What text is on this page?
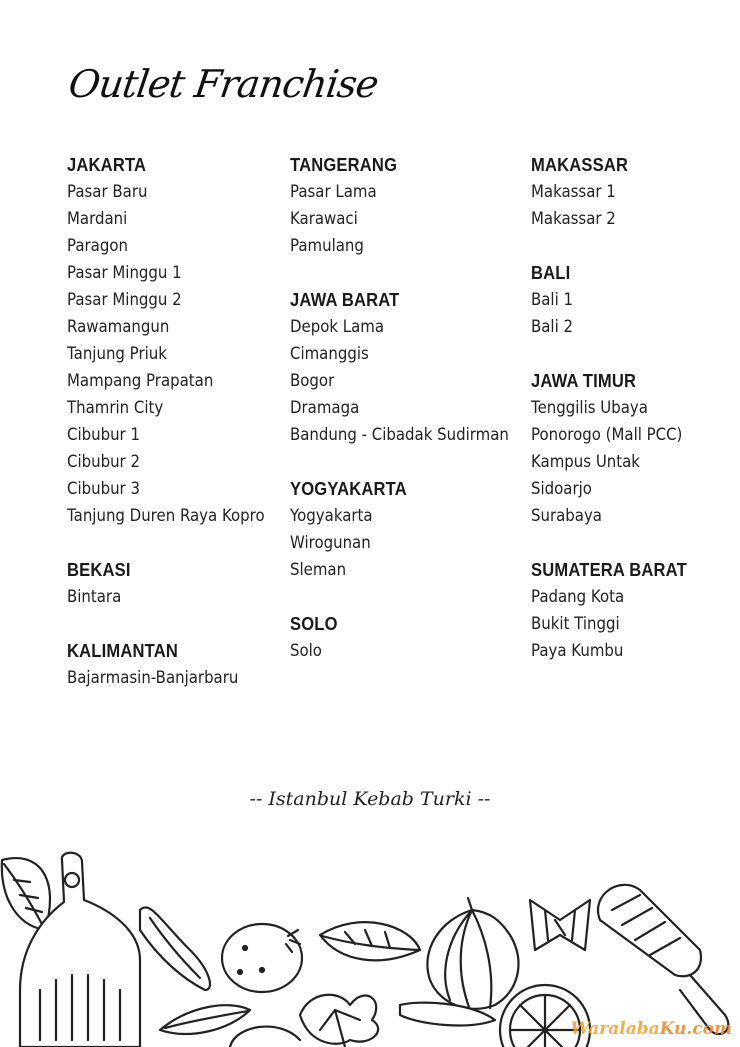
Outlet Franchise
JAKARTA
Pasar Baru
Mardani
Paragon
Pasar Minggu 1
Pasar Minggu 2
Rawamangun
Tanjung Priuk
Mampang Prapatan
Thamrin City
Cibubur 1
Cibubur 2
Cibubur 3
Tanjung Duren Raya Kopro
BEKASI
Bintara
KALIMANTAN
Bajarmasin-Banjarbaru
TANGERANG
Pasar Lama
Karawaci
Pamulang
JAWA BARAT
Depok Lama
Cimanggis
Bogor
Dramaga
Bandung - Cibadak Sudirman
YOGYAKARTA
Yogyakarta
Wirogunan
Sleman
SOLO
Solo
MAKASSAR
Makassar 1
Makassar 2
BALI
Bali 1
Bali 2
JAWA TIMUR
Tenggilis Ubaya
Ponorogo (Mall PCC)
Kampus Untak
Sidoarjo
Surabaya
SUMATERA BARAT
Padang Kota
Bukit Tinggi
Paya Kumbu
-- Istanbul Kebab Turki --
WaralabaKu.com
